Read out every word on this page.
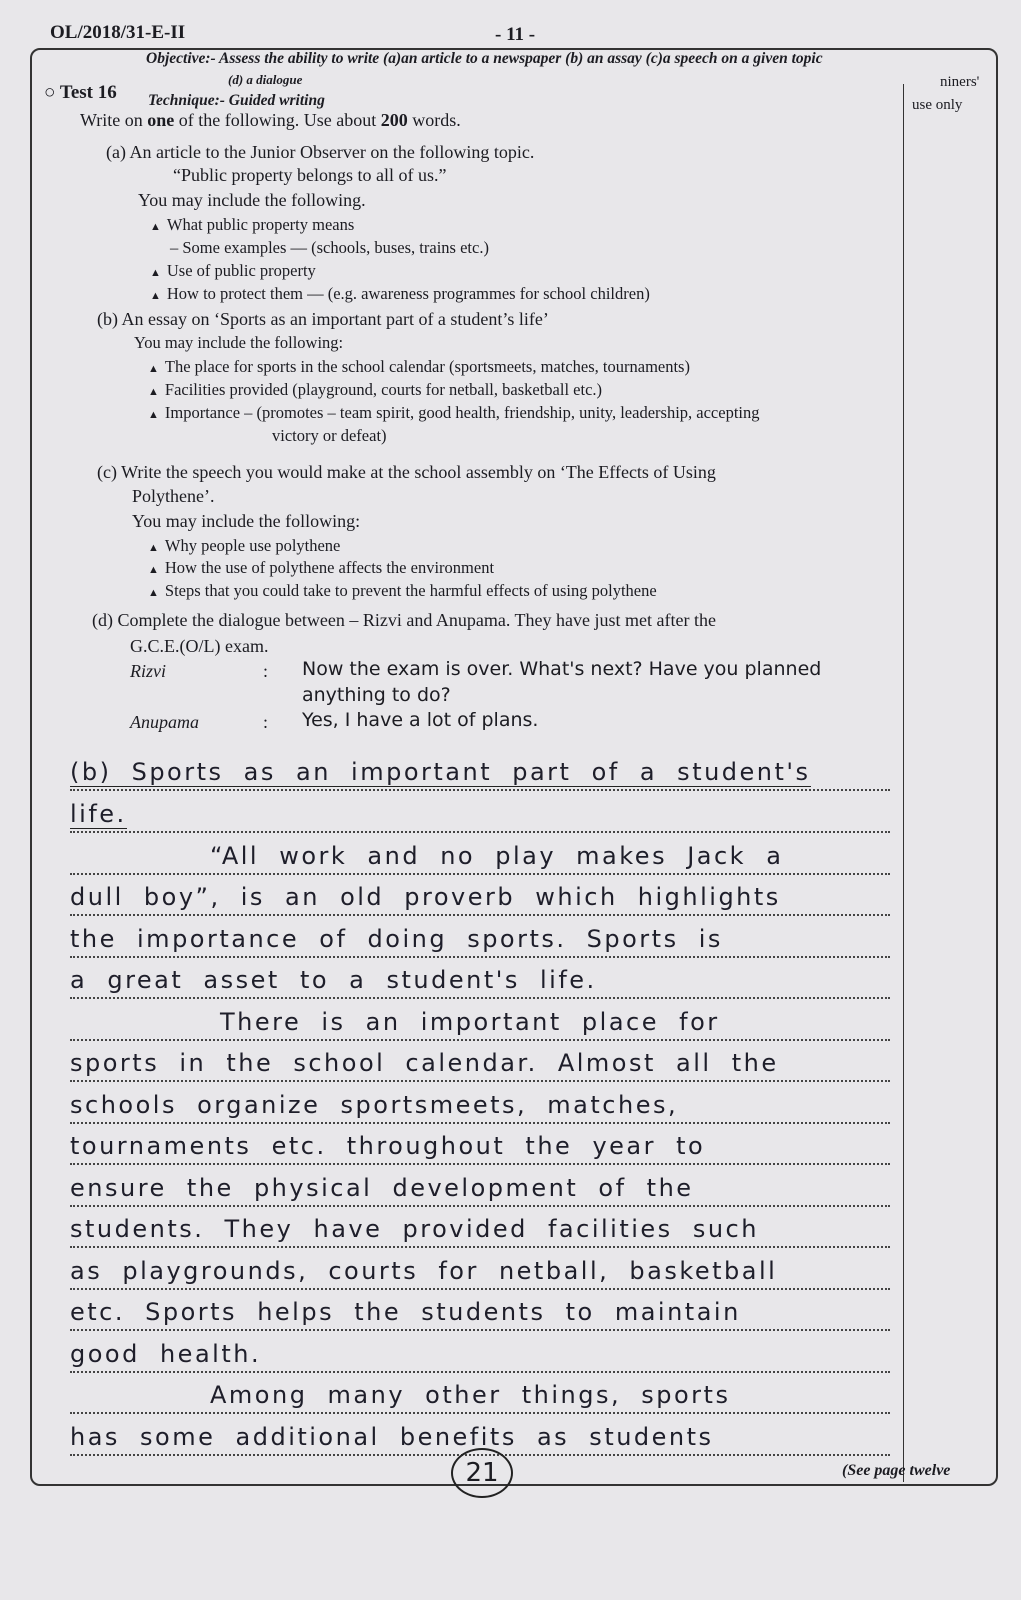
OL/2018/31-E-II	- 11 -
Objective:- Assess the ability to write (a)an article to a newspaper (b) an assay (c)a speech on a given topic
(d) a dialogue
○ Test 16 Technique:- Guided writing
niners'
use only
Write on one of the following. Use about 200 words.
(a) An article to the Junior Observer on the following topic.
“Public property belongs to all of us.”
You may include the following.
▲ What public property means
– Some examples — (schools, buses, trains etc.)
▲ Use of public property
▲ How to protect them — (e.g. awareness programmes for school children)
(b) An essay on ‘Sports as an important part of a student’s life’
You may include the following:
▲ The place for sports in the school calendar (sportsmeets, matches, tournaments)
▲ Facilities provided (playground, courts for netball, basketball etc.)
▲ Importance – (promotes – team spirit, good health, friendship, unity, leadership, accepting
victory or defeat)
(c) Write the speech you would make at the school assembly on ‘The Effects of Using
Polythene’.
You may include the following:
▲ Why people use polythene
▲ How the use of polythene affects the environment
▲ Steps that you could take to prevent the harmful effects of using polythene
(d) Complete the dialogue between – Rizvi and Anupama. They have just met after the
G.C.E.(O/L) exam.
Rizvi	: Now the exam is over. What's next? Have you planned
anything to do?
Anupama	: Yes, I have a lot of plans.
(b) Sports as an important part of a student's
life.
“All work and no play makes Jack a
dull boy”, is an old proverb which highlights
the importance of doing sports. Sports is
a great asset to a student's life.
There is an important place for
sports in the school calendar. Almost all the
schools organize sportsmeets, matches,
tournaments etc. throughout the year to
ensure the physical development of the
students. They have provided facilities such
as playgrounds, courts for netball, basketball
etc. Sports helps the students to maintain
good health.
Among many other things, sports
has some additional benefits as students
21	(See page twelve
